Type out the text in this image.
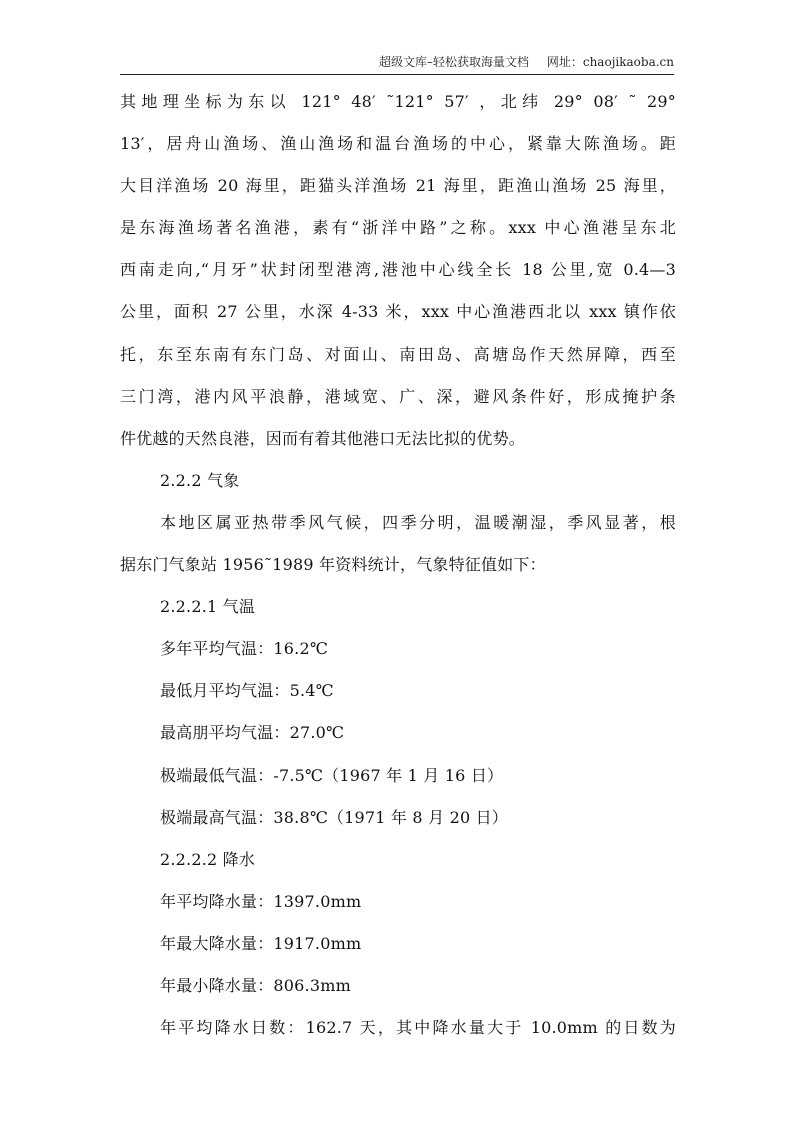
超级文库–轻松获取海量文档 网址：chaojikaoba.cn
其地理坐标为东以 121° 48′ ˜121° 57′ ，北纬 29° 08′ ˜ 29°
13′，居舟山渔场、渔山渔场和温台渔场的中心，紧靠大陈渔场。距
大目洋渔场 20 海里，距猫头洋渔场 21 海里，距渔山渔场 25 海里，
是东海渔场著名渔港，素有“浙洋中路”之称。xxx 中心渔港呈东北
西南走向,“月牙”状封闭型港湾,港池中心线全长 18 公里,宽 0.4—3
公里，面积 27 公里，水深 4-33 米，xxx 中心渔港西北以 xxx 镇作依
托，东至东南有东门岛、对面山、南田岛、高塘岛作天然屏障，西至
三门湾，港内风平浪静，港域宽、广、深，避风条件好，形成掩护条
件优越的天然良港，因而有着其他港口无法比拟的优势。
2.2.2 气象
本地区属亚热带季风气候，四季分明，温暖潮湿，季风显著，根
据东门气象站 1956˜1989 年资料统计，气象特征值如下：
2.2.2.1 气温
多年平均气温：16.2℃
最低月平均气温：5.4℃
最高朋平均气温：27.0℃
极端最低气温：-7.5℃（1967 年 1 月 16 日）
极端最高气温：38.8℃（1971 年 8 月 20 日）
2.2.2.2 降水
年平均降水量：1397.0mm
年最大降水量：1917.0mm
年最小降水量：806.3mm
年平均降水日数：162.7 天，其中降水量大于 10.0mm 的日数为
